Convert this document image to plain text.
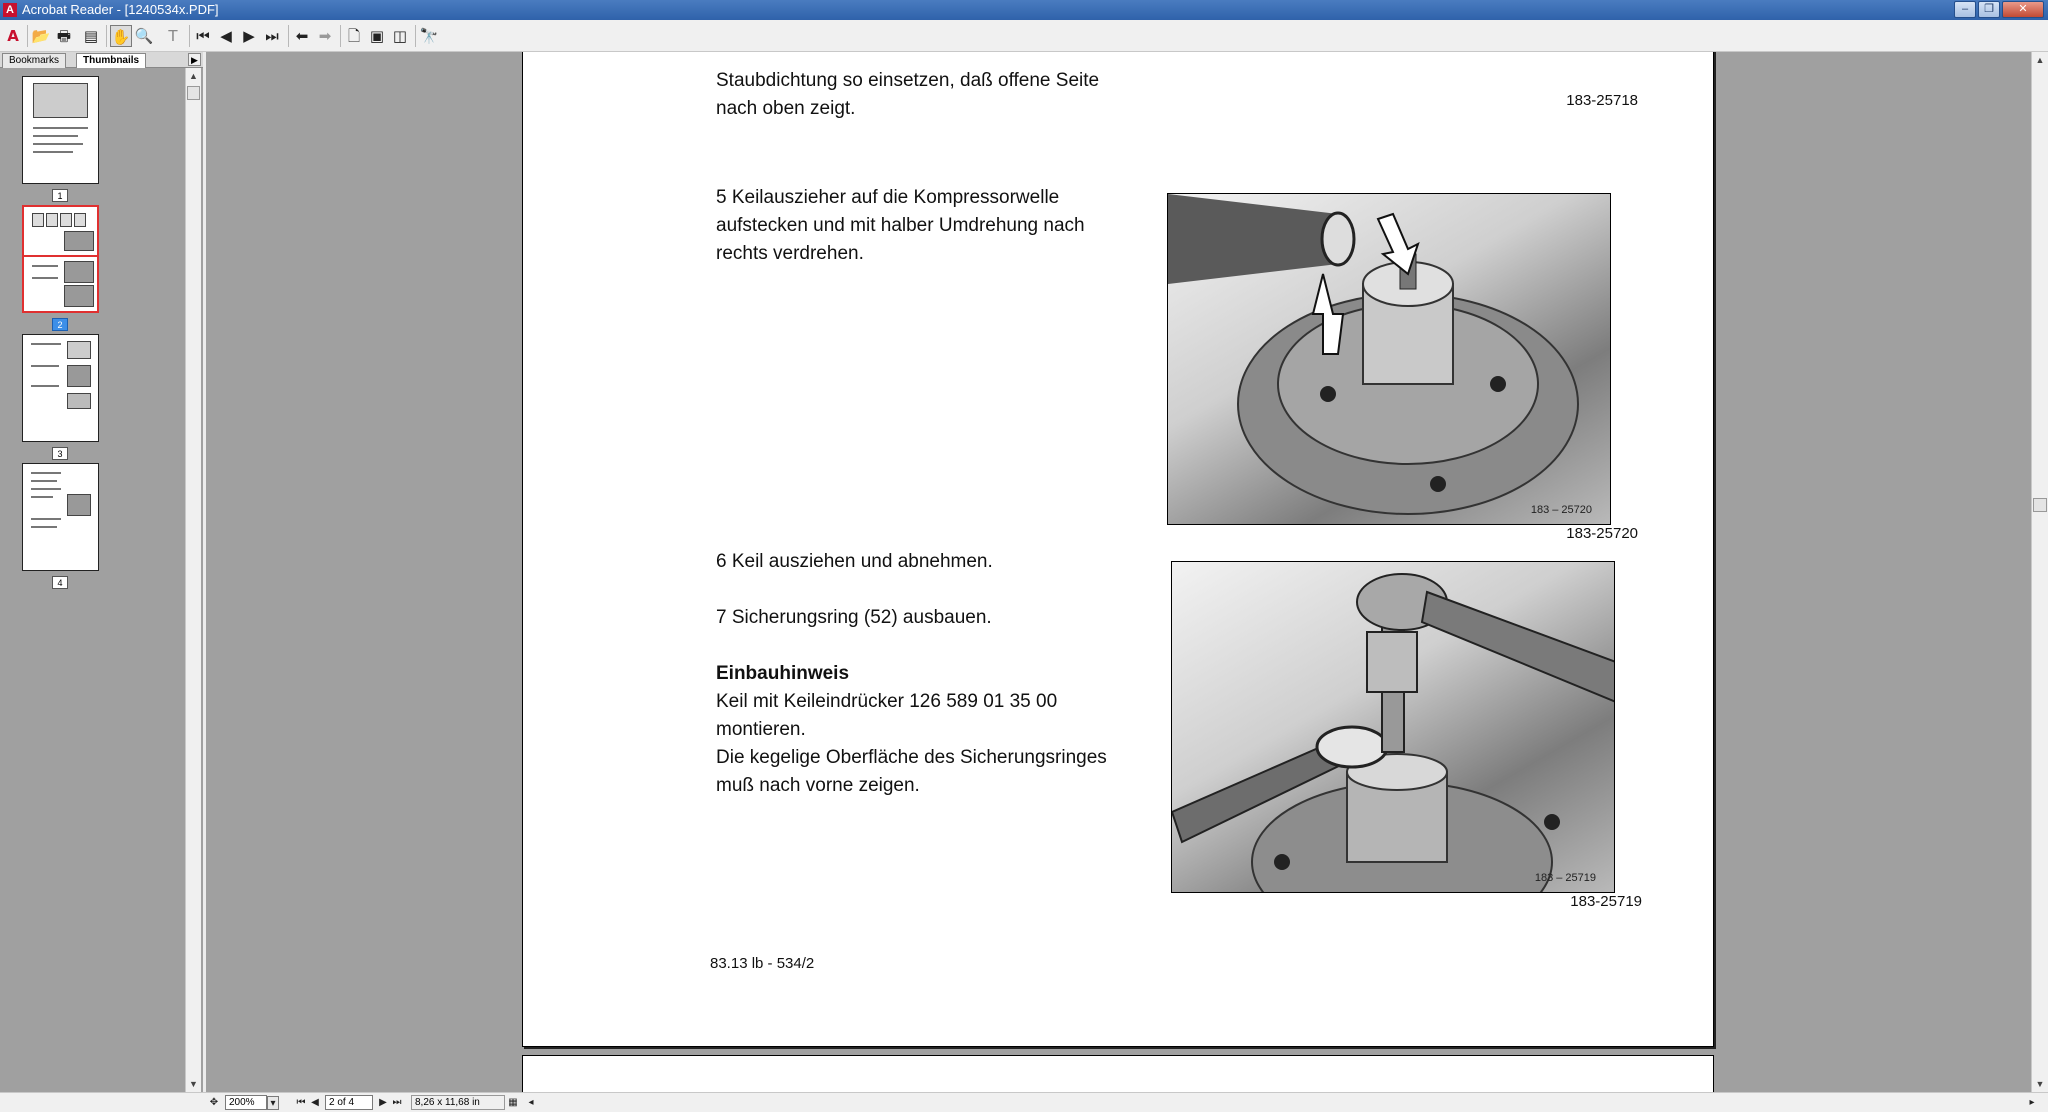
A Acrobat Reader - [1240534x.PDF]	–	❐	✕
A 📂 🖶 ▤ ✋ 🔍	T	⏮ ◀ ▶ ⏭	⬅ ➡	🗋 ▣ ◫ 🔭
Bookmarks	Thumbnails	▶
1
2
3
4
▲
▼
Staubdichtung so einsetzen, daß offene Seite
nach oben zeigt.	183-25718
5 Keilauszieher auf die Kompressorwelle
aufstecken und mit halber Umdrehung nach
rechts verdrehen.
183 – 25720
183-25720
6 Keil ausziehen und abnehmen.
7 Sicherungsring (52) ausbauen.
Einbauhinweis
Keil mit Keileindrücker 126 589 01 35 00
montieren.
Die kegelige Oberfläche des Sicherungsringes
muß nach vorne zeigen.
183 – 25719
183-25719
83.13 lb - 534/2
▲
▼
✥	200%	▾	⏮ ◀	2 of 4	▶ ⏭	8,26 x 11,68 in	▦	◂	▸
